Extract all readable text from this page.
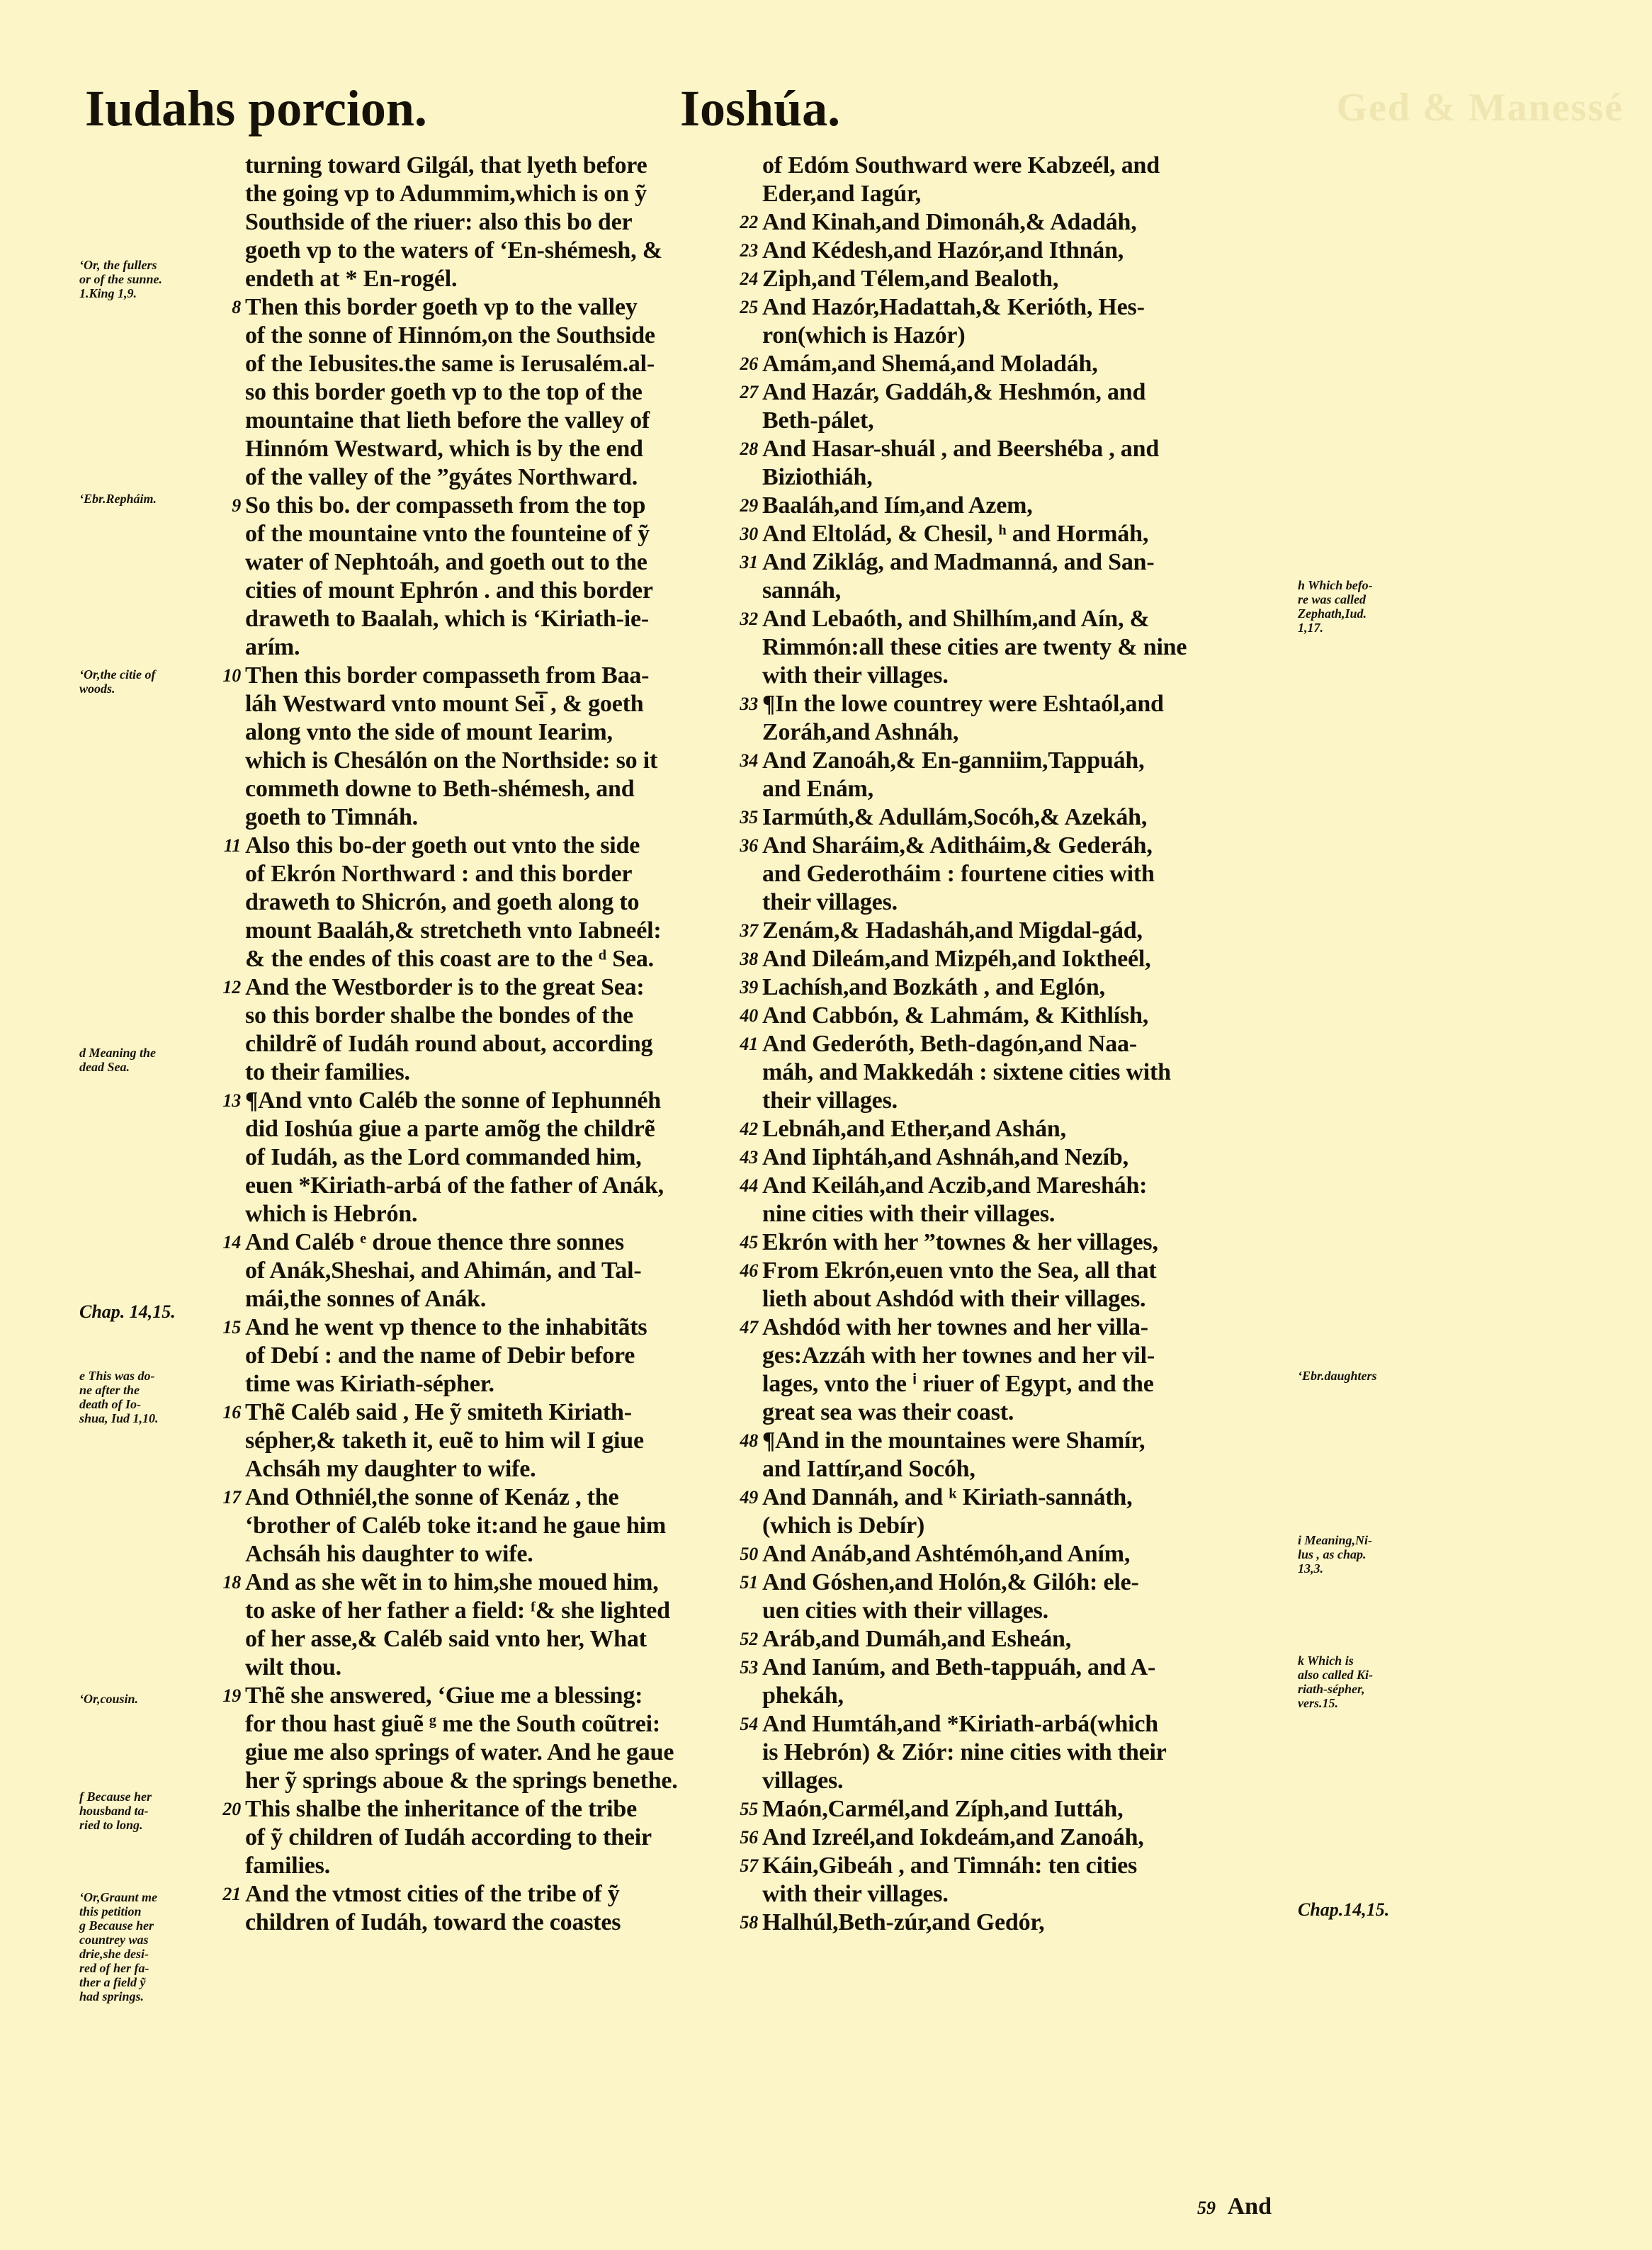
Ged & Manessé
Iudahs porcion.	Ioshúa.
turning toward Gilgál, that lyeth before
the going vp to Adummim,which is on ỹ
Southside of the riuer: also this bo der
goeth vp to the waters of ‘En-shémesh, &
endeth at * En-rogél.
8 Then this border goeth vp to the valley
of the sonne of Hinnóm,on the Southside
of the Iebusites.the same is Ierusalém.al-
so this border goeth vp to the top of the
mountaine that lieth before the valley of
Hinnóm Westward, which is by the end
of the valley of the ”gyátes Northward.
9 So this bo. der compasseth from the top
of the mountaine vnto the founteine of ỹ
water of Nephtoáh, and goeth out to the
cities of mount Ephrón . and this border
draweth to Baalah, which is ‘Kiriath-ie-
arím.
10 Then this border compasseth from Baa-
láh Westward vnto mount Sei̅ , & goeth
along vnto the side of mount Iearim,
which is Chesálón on the Northside: so it
commeth downe to Beth-shémesh, and
goeth to Timnáh.
11 Also this bo-der goeth out vnto the side
of Ekrón Northward : and this border
draweth to Shicrón, and goeth along to
mount Baaláh,& stretcheth vnto Iabneél:
& the endes of this coast are to the ᵈ Sea.
12 And the Westborder is to the great Sea:
so this border shalbe the bondes of the
childrẽ of Iudáh round about, according
to their families.
13 ¶And vnto Caléb the sonne of Iephunnéh
did Ioshúa giue a parte amõg the childrẽ
of Iudáh, as the Lord commanded him,
euen *Kiriath-arbá of the father of Anák,
which is Hebrón.
14 And Caléb ᵉ droue thence thre sonnes
of Anák,Sheshai, and Ahimán, and Tal-
mái,the sonnes of Anák.
15 And he went vp thence to the inhabitãts
of Debí : and the name of Debir before
time was Kiriath-sépher.
16 Thẽ Caléb said , He ỹ smiteth Kiriath-
sépher,& taketh it, euẽ to him wil I giue
Achsáh my daughter to wife.
17 And Othniél,the sonne of Kenáz , the
‘brother of Caléb toke it:and he gaue him
Achsáh his daughter to wife.
18 And as she wẽt in to him,she moued him,
to aske of her father a field: ᶠ& she lighted
of her asse,& Caléb said vnto her, What
wilt thou.
19 Thẽ she answered, ‘Giue me a blessing:
for thou hast giuẽ ᵍ me the South coũtrei:
giue me also springs of water. And he gaue
her ỹ springs aboue & the springs benethe.
20 This shalbe the inheritance of the tribe
of ỹ children of Iudáh according to their
families.
21 And the vtmost cities of the tribe of ỹ
children of Iudáh, toward the coastes
of Edóm Southward were Kabzeél, and
Eder,and Iagúr,
22 And Kinah,and Dimonáh,& Adadáh,
23 And Kédesh,and Hazór,and Ithnán,
24 Ziph,and Télem,and Bealoth,
25 And Hazór,Hadattah,& Kerióth, Hes-
ron(which is Hazór)
26 Amám,and Shemá,and Moladáh,
27 And Hazár, Gaddáh,& Heshmón, and
Beth-pálet,
28 And Hasar-shuál , and Beershéba , and
Biziothiáh,
29 Baaláh,and Iím,and Azem,
30 And Eltolád, & Chesil, ʰ and Hormáh,
31 And Ziklág, and Madmanná, and San-
sannáh,
32 And Lebaóth, and Shilhím,and Aín, &
Rimmón:all these cities are twenty & nine
with their villages.
33 ¶In the lowe countrey were Eshtaól,and
Zoráh,and Ashnáh,
34 And Zanoáh,& En-ganniim,Tappuáh,
and Enám,
35 Iarmúth,& Adullám,Socóh,& Azekáh,
36 And Sharáim,& Aditháim,& Gederáh,
and Gederotháim : fourtene cities with
their villages.
37 Zenám,& Hadasháh,and Migdal-gád,
38 And Dileám,and Mizpéh,and Ioktheél,
39 Lachísh,and Bozkáth , and Eglón,
40 And Cabbón, & Lahmám, & Kithlísh,
41 And Gederóth, Beth-dagón,and Naa-
máh, and Makkedáh : sixtene cities with
their villages.
42 Lebnáh,and Ether,and Ashán,
43 And Iiphtáh,and Ashnáh,and Nezíb,
44 And Keiláh,and Aczib,and Maresháh:
nine cities with their villages.
45 Ekrón with her ”townes & her villages,
46 From Ekrón,euen vnto the Sea, all that
lieth about Ashdód with their villages.
47 Ashdód with her townes and her villa-
ges:Azzáh with her townes and her vil-
lages, vnto the ⁱ riuer of Egypt, and the
great sea was their coast.
48 ¶And in the mountaines were Shamír,
and Iattír,and Socóh,
49 And Dannáh, and ᵏ Kiriath-sannáth,
(which is Debír)
50 And Anáb,and Ashtémóh,and Aním,
51 And Góshen,and Holón,& Gilóh: ele-
uen cities with their villages.
52 Aráb,and Dumáh,and Esheán,
53 And Ianúm, and Beth-tappuáh, and A-
phekáh,
54 And Humtáh,and *Kiriath-arbá(which
is Hebrón) & Ziór: nine cities with their
villages.
55 Maón,Carmél,and Zíph,and Iuttáh,
56 And Izreél,and Iokdeám,and Zanoáh,
57 Káin,Gibeáh , and Timnáh: ten cities
with their villages.
58 Halhúl,Beth-zúr,and Gedór,
‘Or, the fullers
or of the sunne.
1.King 1,9.
‘Ebr.Repháim.
‘Or,the citie of
woods.
d Meaning the
dead Sea.
Chap. 14,15.
e This was do-
ne after the
death of Io-
shua, Iud 1,10.
‘Or,cousin.
f Because her
housband ta-
ried to long.
‘Or,Graunt me
this petition
g Because her
countrey was
drie,she desi-
red of her fa-
ther a field ỹ
had springs.
h Which befo-
re was called
Zephath,Iud.
1,17.
‘Ebr.daughters
i Meaning,Ni-
lus , as chap.
13,3.
k Which is
also called Ki-
riath-sépher,
vers.15.
Chap.14,15.
59 And
